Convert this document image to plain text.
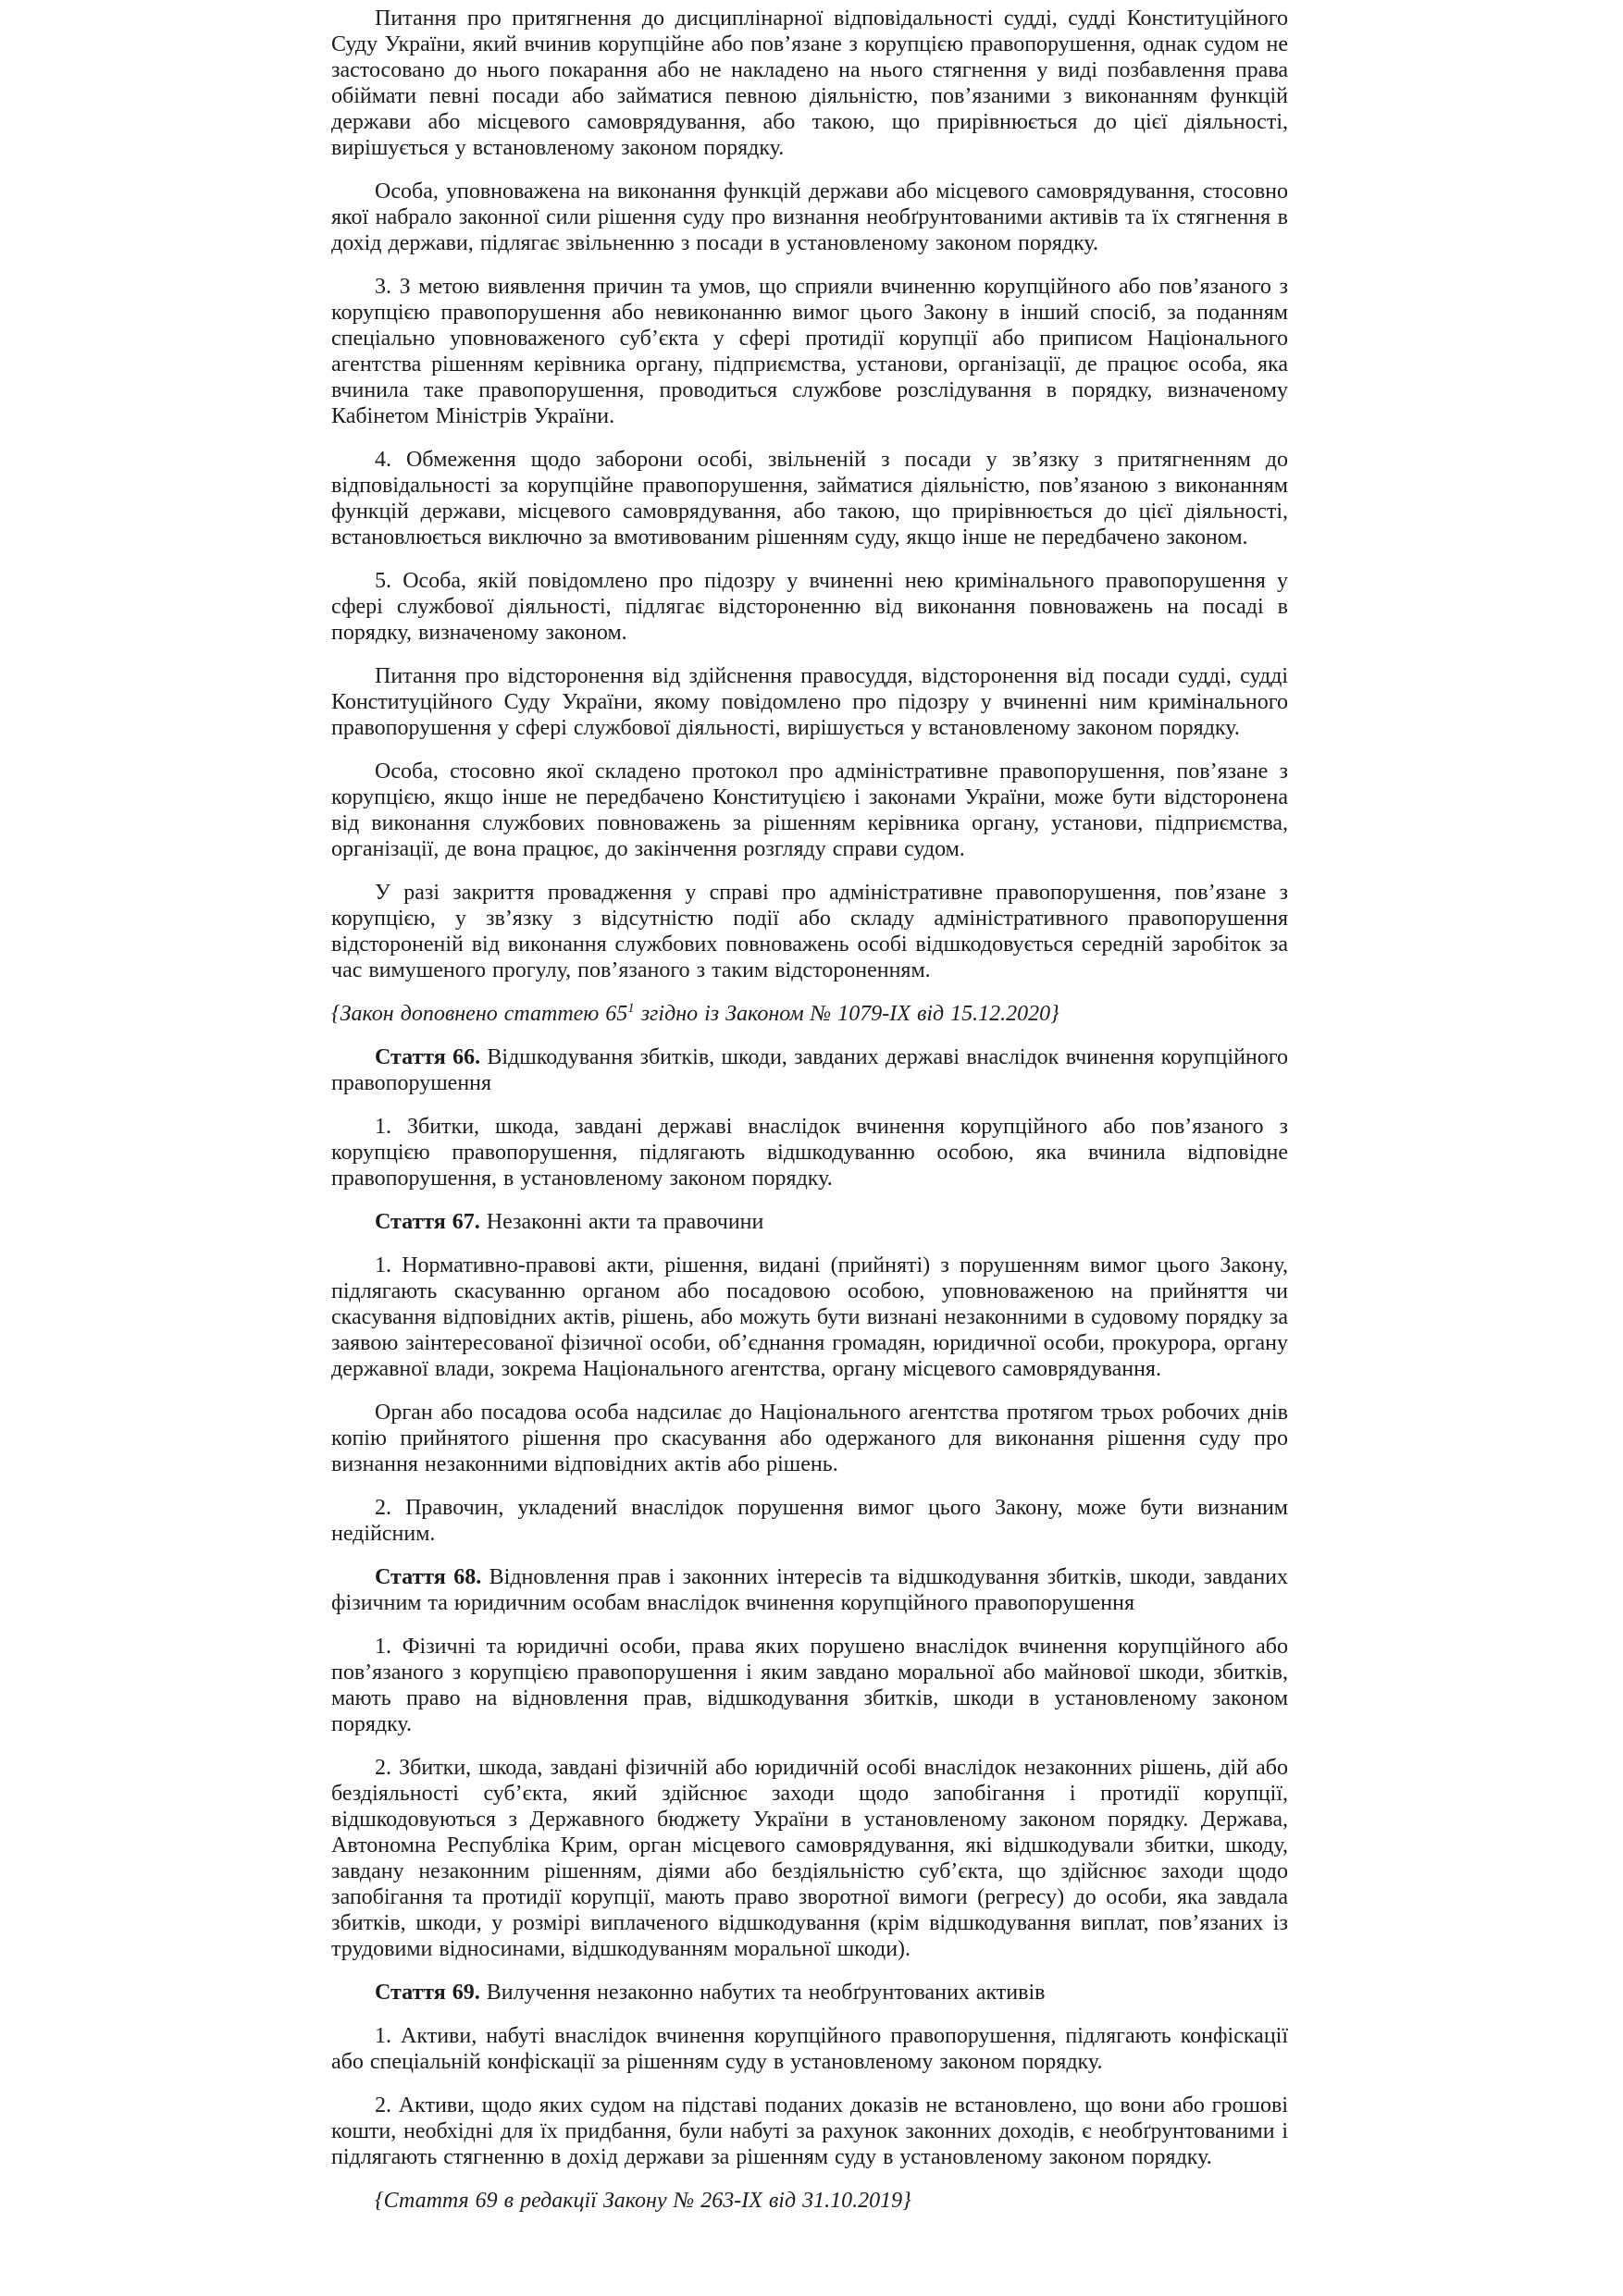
Питання про притягнення до дисциплінарної відповідальності судді, судді Конституційного Суду України, який вчинив корупційне або пов’язане з корупцією правопорушення, однак судом не застосовано до нього покарання або не накладено на нього стягнення у виді позбавлення права обіймати певні посади або займатися певною діяльністю, пов’язаними з виконанням функцій держави або місцевого самоврядування, або такою, що прирівнюється до цієї діяльності, вирішується у встановленому законом порядку.

Особа, уповноважена на виконання функцій держави або місцевого самоврядування, стосовно якої набрало законної сили рішення суду про визнання необґрунтованими активів та їх стягнення в дохід держави, підлягає звільненню з посади в установленому законом порядку.

3. З метою виявлення причин та умов, що сприяли вчиненню корупційного або пов’язаного з корупцією правопорушення або невиконанню вимог цього Закону в інший спосіб, за поданням спеціально уповноваженого суб’єкта у сфері протидії корупції або приписом Національного агентства рішенням керівника органу, підприємства, установи, організації, де працює особа, яка вчинила таке правопорушення, проводиться службове розслідування в порядку, визначеному Кабінетом Міністрів України.

4. Обмеження щодо заборони особі, звільненій з посади у зв’язку з притягненням до відповідальності за корупційне правопорушення, займатися діяльністю, пов’язаною з виконанням функцій держави, місцевого самоврядування, або такою, що прирівнюється до цієї діяльності, встановлюється виключно за вмотивованим рішенням суду, якщо інше не передбачено законом.

5. Особа, якій повідомлено про підозру у вчиненні нею кримінального правопорушення у сфері службової діяльності, підлягає відстороненню від виконання повноважень на посаді в порядку, визначеному законом.

Питання про відсторонення від здійснення правосуддя, відсторонення від посади судді, судді Конституційного Суду України, якому повідомлено про підозру у вчиненні ним кримінального правопорушення у сфері службової діяльності, вирішується у встановленому законом порядку.

Особа, стосовно якої складено протокол про адміністративне правопорушення, пов’язане з корупцією, якщо інше не передбачено Конституцією і законами України, може бути відсторонена від виконання службових повноважень за рішенням керівника органу, установи, підприємства, організації, де вона працює, до закінчення розгляду справи судом.

У разі закриття провадження у справі про адміністративне правопорушення, пов’язане з корупцією, у зв’язку з відсутністю події або складу адміністративного правопорушення відстороненій від виконання службових повноважень особі відшкодовується середній заробіток за час вимушеного прогулу, пов’язаного з таким відстороненням.

{Закон доповнено статтею $65^1$ згідно із Законом № 1079-IX від 15.12.2020}

Стаття 66. Відшкодування збитків, шкоди, завданих державі внаслідок вчинення корупційного правопорушення

1. Збитки, шкода, завдані державі внаслідок вчинення корупційного або пов’язаного з корупцією правопорушення, підлягають відшкодуванню особою, яка вчинила відповідне правопорушення, в установленому законом порядку.

Стаття 67. Незаконні акти та правочини

1. Нормативно-правові акти, рішення, видані (прийняті) з порушенням вимог цього Закону, підлягають скасуванню органом або посадовою особою, уповноваженою на прийняття чи скасування відповідних актів, рішень, або можуть бути визнані незаконними в судовому порядку за заявою заінтересованої фізичної особи, об’єднання громадян, юридичної особи, прокурора, органу державної влади, зокрема Національного агентства, органу місцевого самоврядування.

Орган або посадова особа надсилає до Національного агентства протягом трьох робочих днів копію прийнятого рішення про скасування або одержаного для виконання рішення суду про визнання незаконними відповідних актів або рішень.

2. Правочин, укладений внаслідок порушення вимог цього Закону, може бути визнаним недійсним.

Стаття 68. Відновлення прав і законних інтересів та відшкодування збитків, шкоди, завданих фізичним та юридичним особам внаслідок вчинення корупційного правопорушення

1. Фізичні та юридичні особи, права яких порушено внаслідок вчинення корупційного або пов’язаного з корупцією правопорушення і яким завдано моральної або майнової шкоди, збитків, мають право на відновлення прав, відшкодування збитків, шкоди в установленому законом порядку.

2. Збитки, шкода, завдані фізичній або юридичній особі внаслідок незаконних рішень, дій або бездіяльності суб’єкта, який здійснює заходи щодо запобігання і протидії корупції, відшкодовуються з Державного бюджету України в установленому законом порядку. Держава, Автономна Республіка Крим, орган місцевого самоврядування, які відшкодували збитки, шкоду, завдану незаконним рішенням, діями або бездіяльністю суб’єкта, що здійснює заходи щодо запобігання та протидії корупції, мають право зворотної вимоги (регресу) до особи, яка завдала збитків, шкоди, у розмірі виплаченого відшкодування (крім відшкодування виплат, пов’язаних із трудовими відносинами, відшкодуванням моральної шкоди).

Стаття 69. Вилучення незаконно набутих та необґрунтованих активів

1. Активи, набуті внаслідок вчинення корупційного правопорушення, підлягають конфіскації або спеціальній конфіскації за рішенням суду в установленому законом порядку.

2. Активи, щодо яких судом на підставі поданих доказів не встановлено, що вони або грошові кошти, необхідні для їх придбання, були набуті за рахунок законних доходів, є необґрунтованими і підлягають стягненню в дохід держави за рішенням суду в установленому законом порядку.

{Стаття 69 в редакції Закону № 263-IX від 31.10.2019}
